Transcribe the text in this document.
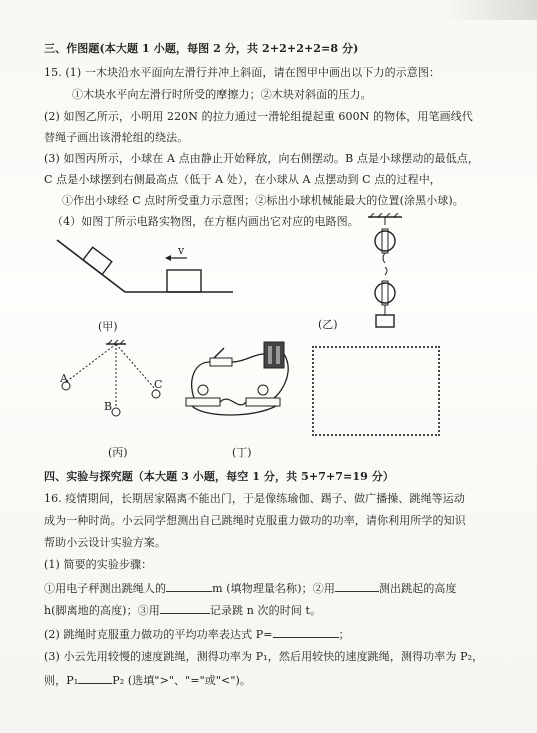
三、作图题(本大题 1 小题，每图 2 分，共 2+2+2+2=8 分)
15. (1) 一木块沿水平面向左滑行并冲上斜面，请在图甲中画出以下力的示意图：
①木块水平向左滑行时所受的摩擦力；②木块对斜面的压力。
(2) 如图乙所示，小明用 220N 的拉力通过一滑轮组提起重 600N 的物体，用笔画线代
替绳子画出该滑轮组的绕法。
(3) 如图丙所示，小球在 A 点由静止开始释放，向右侧摆动。B 点是小球摆动的最低点，
C 点是小球摆到右侧最高点（低于 A 处），在小球从 A 点摆动到 C 点的过程中，
①作出小球经 C 点时所受重力示意图；②标出小球机械能最大的位置(涂黑小球)。
（4）如图丁所示电路实物图，在方框内画出它对应的电路图。
v
(甲)	(乙)
A
B
C
(丙)	(丁)
四、实验与探究题（本大题 3 小题，每空 1 分，共 5+7+7=19 分）
16. 疫情期间，长期居家隔离不能出门，于是像练瑜伽、踢子、做广播操、跳绳等运动
成为一种时尚。小云同学想测出自己跳绳时克服重力做功的功率，请你利用所学的知识
帮助小云设计实验方案。
(1) 简要的实验步骤：
①用电子秤测出跳绳人的	m (填物理量名称)；②用	测出跳起的高度
h(脚离地的高度)；③用	记录跳 n 次的时间 t。
(2) 跳绳时克服重力做功的平均功率表达式 P=	；
(3) 小云先用较慢的速度跳绳，测得功率为 P₁，然后用较快的速度跳绳，测得功率为 P₂，
则，P₁	P₂ (选填">"、"="或"<")。
